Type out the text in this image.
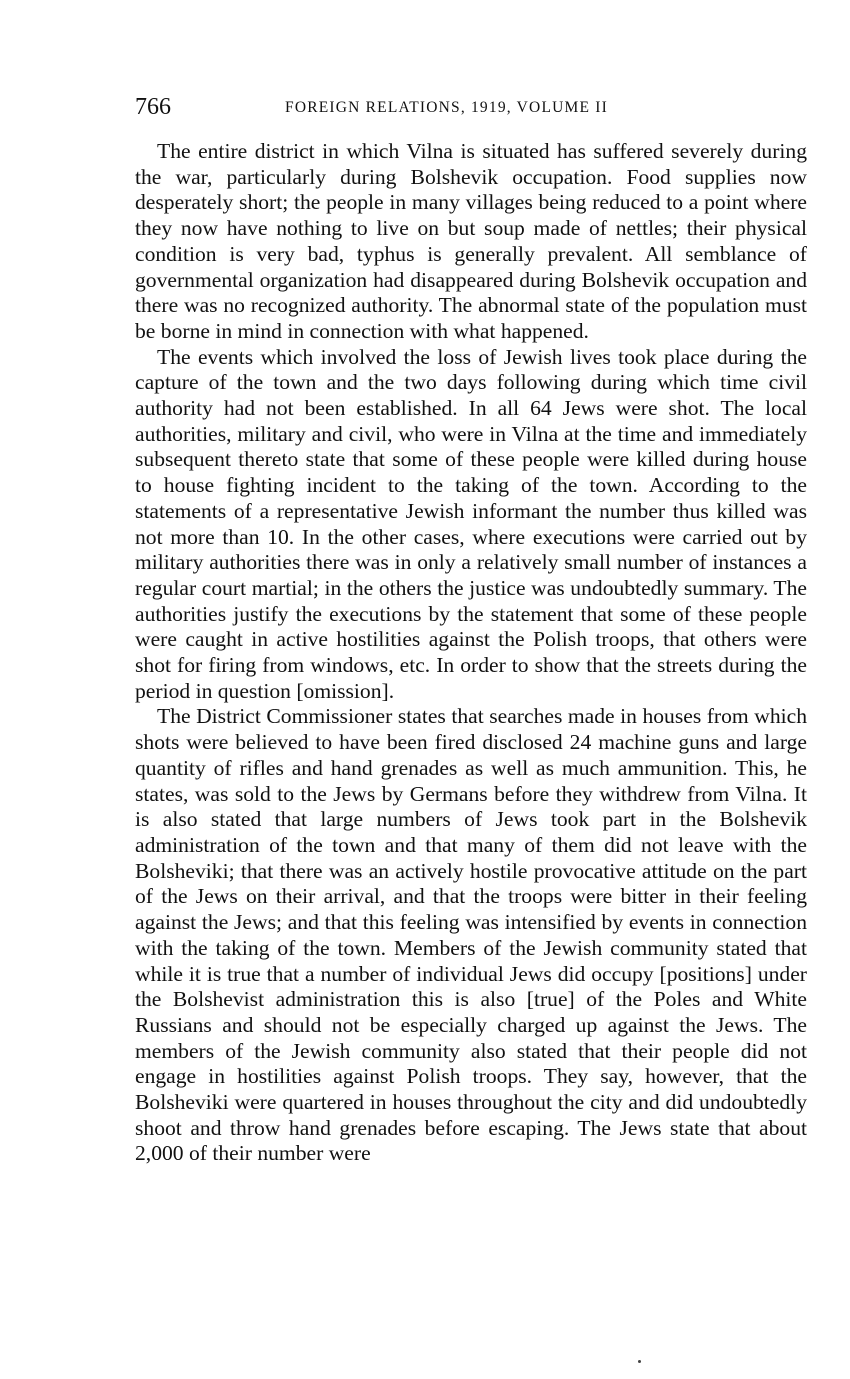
766	FOREIGN RELATIONS, 1919, VOLUME II

The entire district in which Vilna is situated has suffered severely during the war, particularly during Bolshevik occupation. Food supplies now desperately short; the people in many villages being reduced to a point where they now have nothing to live on but soup made of nettles; their physical condition is very bad, typhus is generally prevalent. All semblance of governmental organization had disappeared during Bolshevik occupation and there was no recognized authority. The abnormal state of the population must be borne in mind in connection with what happened.

The events which involved the loss of Jewish lives took place during the capture of the town and the two days following during which time civil authority had not been established. In all 64 Jews were shot. The local authorities, military and civil, who were in Vilna at the time and immediately subsequent thereto state that some of these people were killed during house to house fighting incident to the taking of the town. According to the statements of a representative Jewish informant the number thus killed was not more than 10. In the other cases, where executions were carried out by military authorities there was in only a relatively small number of instances a regular court martial; in the others the justice was undoubtedly summary. The authorities justify the executions by the statement that some of these people were caught in active hostilities against the Polish troops, that others were shot for firing from windows, etc. In order to show that the streets during the period in question [omission].

The District Commissioner states that searches made in houses from which shots were believed to have been fired disclosed 24 machine guns and large quantity of rifles and hand grenades as well as much ammunition. This, he states, was sold to the Jews by Germans before they withdrew from Vilna. It is also stated that large numbers of Jews took part in the Bolshevik administration of the town and that many of them did not leave with the Bolsheviki; that there was an actively hostile provocative attitude on the part of the Jews on their arrival, and that the troops were bitter in their feeling against the Jews; and that this feeling was intensified by events in connection with the taking of the town. Members of the Jewish community stated that while it is true that a number of individual Jews did occupy [positions] under the Bolshevist administration this is also [true] of the Poles and White Russians and should not be especially charged up against the Jews. The members of the Jewish community also stated that their people did not engage in hostilities against Polish troops. They say, however, that the Bolsheviki were quartered in houses throughout the city and did undoubtedly shoot and throw hand grenades before escaping. The Jews state that about 2,000 of their number were
